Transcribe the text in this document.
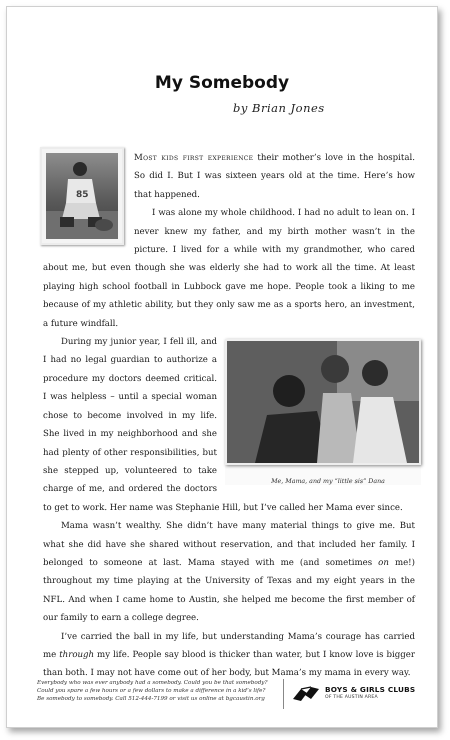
My Somebody
by Brian Jones
85

Most kids first experience their mother’s love in the hospital. So did I. But I was sixteen years old at the time. Here’s how that happened.

I was alone my whole childhood. I had no adult to lean on. I never knew my father, and my birth mother wasn’t in the picture. I lived for a while with my grandmother, who cared about me, but even though she was elderly she had to work all the time. At least playing high school football in Lubbock gave me hope. People took a liking to me because of my athletic ability, but they only saw me as a sports hero, an investment, a future windfall.

Me, Mama, and my “little sis” Dana

During my junior year, I fell ill, and I had no legal guardian to authorize a procedure my doctors deemed critical. I was helpless – until a special woman chose to become involved in my life. She lived in my neighborhood and she had plenty of other responsibilities, but she stepped up, volunteered to take charge of me, and ordered the doctors to get to work. Her name was Stephanie Hill, but I’ve called her Mama ever since.

Mama wasn’t wealthy. She didn’t have many material things to give me. But what she did have she shared without reservation, and that included her family. I belonged to someone at last. Mama stayed with me (and sometimes on me!) throughout my time playing at the University of Texas and my eight years in the NFL. And when I came home to Austin, she helped me become the first member of our family to earn a college degree.

I’ve carried the ball in my life, but understanding Mama’s courage has carried me through my life. People say blood is thicker than water, but I know love is bigger than both. I may not have come out of her body, but Mama’s my mama in every way.

Everybody who was ever anybody had a somebody. Could you be that somebody?
Could you spare a few hours or a few dollars to make a difference in a kid’s life?
Be somebody to somebody. Call 512-444-7199 or visit us online at bgcaustin.org
BOYS & GIRLS CLUBS
OF THE AUSTIN AREA
